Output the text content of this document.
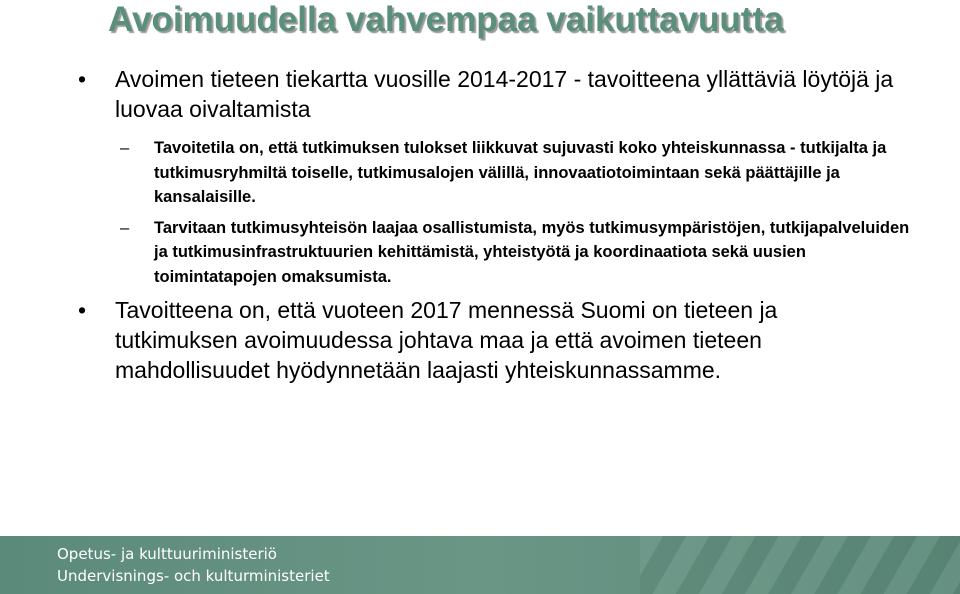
Avoimuudella vahvempaa vaikuttavuutta
• Avoimen tieteen tiekartta vuosille 2014-2017 - tavoitteena yllättäviä löytöjä ja luovaa oivaltamista
– Tavoitetila on, että tutkimuksen tulokset liikkuvat sujuvasti koko yhteiskunnassa - tutkijalta ja tutkimusryhmiltä toiselle, tutkimusalojen välillä, innovaatiotoimintaan sekä päättäjille ja kansalaisille.
– Tarvitaan tutkimusyhteisön laajaa osallistumista, myös tutkimusympäristöjen, tutkijapalveluiden ja tutkimusinfrastruktuurien kehittämistä, yhteistyötä ja koordinaatiota sekä uusien toimintatapojen omaksumista.
• Tavoitteena on, että vuoteen 2017 mennessä Suomi on tieteen ja tutkimuksen avoimuudessa johtava maa ja että avoimen tieteen mahdollisuudet hyödynnetään laajasti yhteiskunnassamme.
Opetus- ja kulttuuriministeriö
Undervisnings- och kulturministeriet
